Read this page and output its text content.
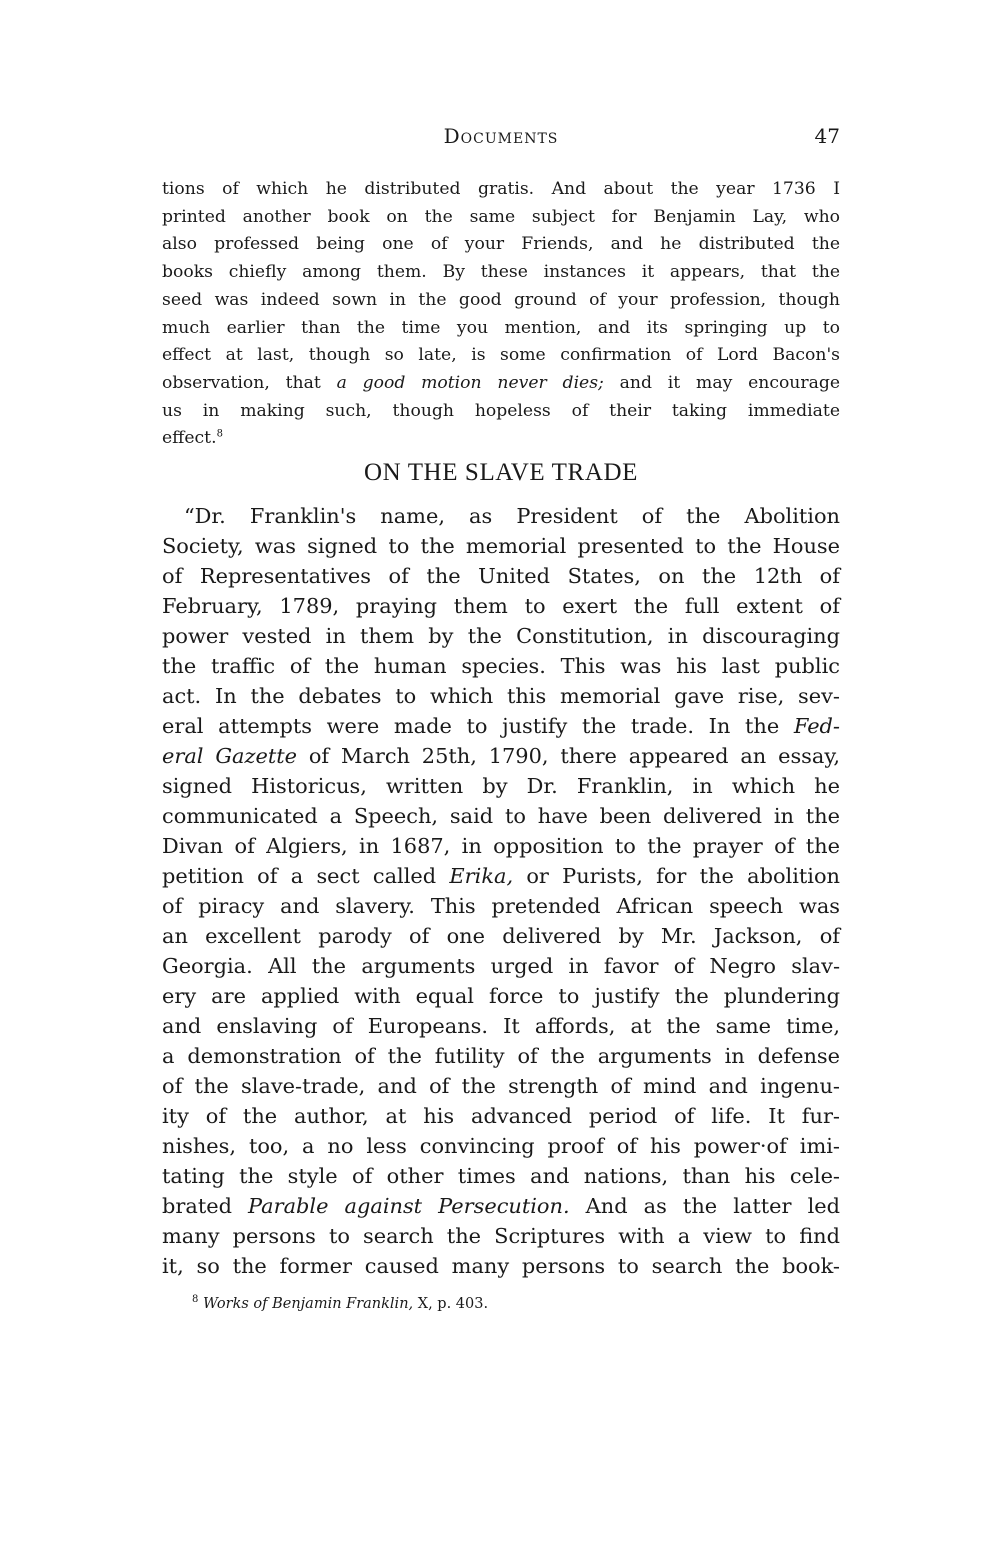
Documents	47
tions of which he distributed gratis. And about the year 1736 I
printed another book on the same subject for Benjamin Lay, who
also professed being one of your Friends, and he distributed the
books chiefly among them. By these instances it appears, that the
seed was indeed sown in the good ground of your profession, though
much earlier than the time you mention, and its springing up to
effect at last, though so late, is some confirmation of Lord Bacon's
observation, that a good motion never dies; and it may encourage
us in making such, though hopeless of their taking immediate
effect.$^8$
ON THE SLAVE TRADE
“Dr. Franklin's name, as President of the Abolition
Society, was signed to the memorial presented to the House
of Representatives of the United States, on the 12th of
February, 1789, praying them to exert the full extent of
power vested in them by the Constitution, in discouraging
the traffic of the human species. This was his last public
act. In the debates to which this memorial gave rise, sev-
eral attempts were made to justify the trade. In the Fed-
eral Gazette of March 25th, 1790, there appeared an essay,
signed Historicus, written by Dr. Franklin, in which he
communicated a Speech, said to have been delivered in the
Divan of Algiers, in 1687, in opposition to the prayer of the
petition of a sect called Erika, or Purists, for the abolition
of piracy and slavery. This pretended African speech was
an excellent parody of one delivered by Mr. Jackson, of
Georgia. All the arguments urged in favor of Negro slav-
ery are applied with equal force to justify the plundering
and enslaving of Europeans. It affords, at the same time,
a demonstration of the futility of the arguments in defense
of the slave-trade, and of the strength of mind and ingenu-
ity of the author, at his advanced period of life. It fur-
nishes, too, a no less convincing proof of his power·of imi-
tating the style of other times and nations, than his cele-
brated Parable against Persecution. And as the latter led
many persons to search the Scriptures with a view to find
it, so the former caused many persons to search the book-
$^8$ Works of Benjamin Franklin, X, p. 403.
